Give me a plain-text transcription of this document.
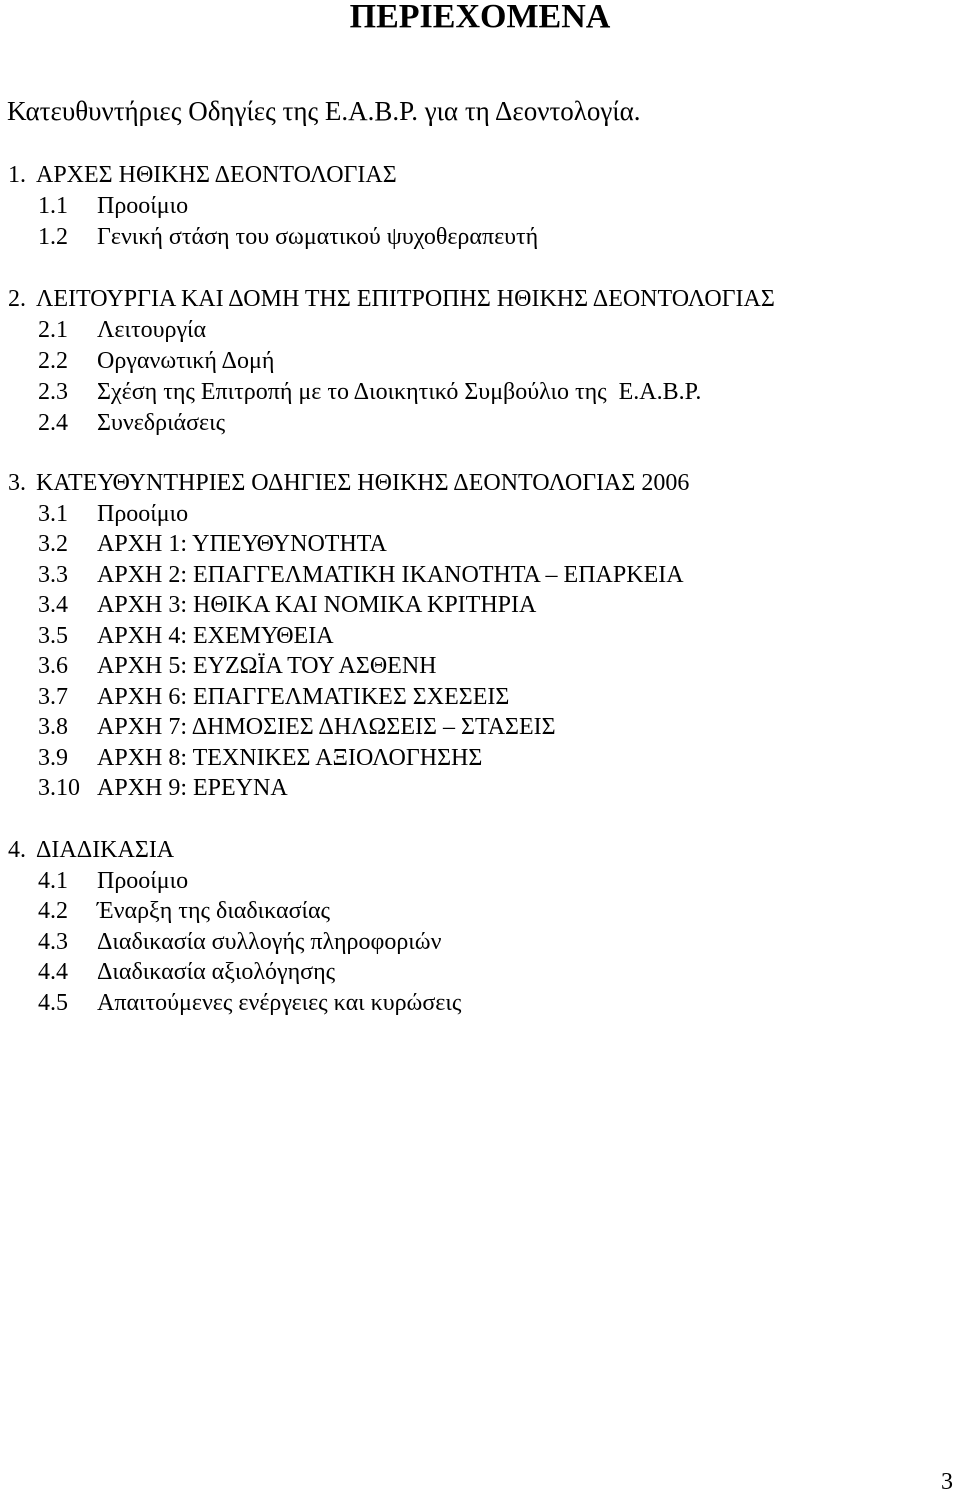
ΠΕΡΙΕΧΟΜΕΝΑ
Κατευθυντήριες Οδηγίες της Ε.Α.Β.Ρ. για τη Δεοντολογία.
1. ΑΡΧΕΣ ΗΘΙΚΗΣ ΔΕΟΝΤΟΛΟΓΙΑΣ
1.1 Προοίμιο
1.2 Γενική στάση του σωματικού ψυχοθεραπευτή
2. ΛΕΙΤΟΥΡΓΙΑ ΚΑΙ ΔΟΜΗ ΤΗΣ ΕΠΙΤΡΟΠΗΣ ΗΘΙΚΗΣ ΔΕΟΝΤΟΛΟΓΙΑΣ
2.1 Λειτουργία
2.2 Οργανωτική Δομή
2.3 Σχέση της Επιτροπή με το Διοικητικό Συμβούλιο της  Ε.Α.Β.Ρ.
2.4 Συνεδριάσεις
3. ΚΑΤΕΥΘΥΝΤΗΡΙΕΣ ΟΔΗΓΙΕΣ ΗΘΙΚΗΣ ΔΕΟΝΤΟΛΟΓΙΑΣ 2006
3.1 Προοίμιο
3.2 ΑΡΧΗ 1: ΥΠΕΥΘΥΝΟΤΗΤΑ
3.3 ΑΡΧΗ 2: ΕΠΑΓΓΕΛΜΑΤΙΚΗ ΙΚΑΝΟΤΗΤΑ – ΕΠΑΡΚΕΙΑ
3.4 ΑΡΧΗ 3: ΗΘΙΚΑ ΚΑΙ ΝΟΜΙΚΑ ΚΡΙΤΗΡΙΑ
3.5 ΑΡΧΗ 4: ΕΧΕΜΥΘΕΙΑ
3.6 ΑΡΧΗ 5: ΕΥΖΩΪΑ ΤΟΥ ΑΣΘΕΝΗ
3.7 ΑΡΧΗ 6: ΕΠΑΓΓΕΛΜΑΤΙΚΕΣ ΣΧΕΣΕΙΣ
3.8 ΑΡΧΗ 7: ΔΗΜΟΣΙΕΣ ΔΗΛΩΣΕΙΣ – ΣΤΑΣΕΙΣ
3.9 ΑΡΧΗ 8: ΤΕΧΝΙΚΕΣ ΑΞΙΟΛΟΓΗΣΗΣ
3.10 ΑΡΧΗ 9: ΕΡΕΥΝΑ
4. ΔΙΑΔΙΚΑΣΙΑ
4.1 Προοίμιο
4.2 Έναρξη της διαδικασίας
4.3 Διαδικασία συλλογής πληροφοριών
4.4 Διαδικασία αξιολόγησης
4.5 Απαιτούμενες ενέργειες και κυρώσεις
3
